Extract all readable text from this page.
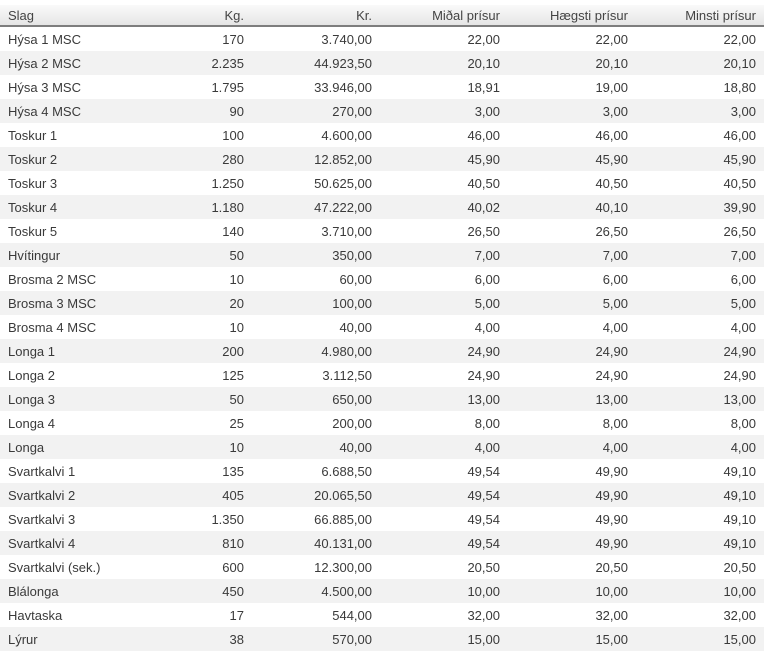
Slag	Kg.	Kr.	Miðal prísur	Hægsti prísur	Minsti prísur
Hýsa 1 MSC	170	3.740,00	22,00	22,00	22,00
Hýsa 2 MSC	2.235	44.923,50	20,10	20,10	20,10
Hýsa 3 MSC	1.795	33.946,00	18,91	19,00	18,80
Hýsa 4 MSC	90	270,00	3,00	3,00	3,00
Toskur 1	100	4.600,00	46,00	46,00	46,00
Toskur 2	280	12.852,00	45,90	45,90	45,90
Toskur 3	1.250	50.625,00	40,50	40,50	40,50
Toskur 4	1.180	47.222,00	40,02	40,10	39,90
Toskur 5	140	3.710,00	26,50	26,50	26,50
Hvítingur	50	350,00	7,00	7,00	7,00
Brosma 2 MSC	10	60,00	6,00	6,00	6,00
Brosma 3 MSC	20	100,00	5,00	5,00	5,00
Brosma 4 MSC	10	40,00	4,00	4,00	4,00
Longa 1	200	4.980,00	24,90	24,90	24,90
Longa 2	125	3.112,50	24,90	24,90	24,90
Longa 3	50	650,00	13,00	13,00	13,00
Longa 4	25	200,00	8,00	8,00	8,00
Longa	10	40,00	4,00	4,00	4,00
Svartkalvi 1	135	6.688,50	49,54	49,90	49,10
Svartkalvi 2	405	20.065,50	49,54	49,90	49,10
Svartkalvi 3	1.350	66.885,00	49,54	49,90	49,10
Svartkalvi 4	810	40.131,00	49,54	49,90	49,10
Svartkalvi (sek.)	600	12.300,00	20,50	20,50	20,50
Blálonga	450	4.500,00	10,00	10,00	10,00
Havtaska	17	544,00	32,00	32,00	32,00
Lýrur	38	570,00	15,00	15,00	15,00
